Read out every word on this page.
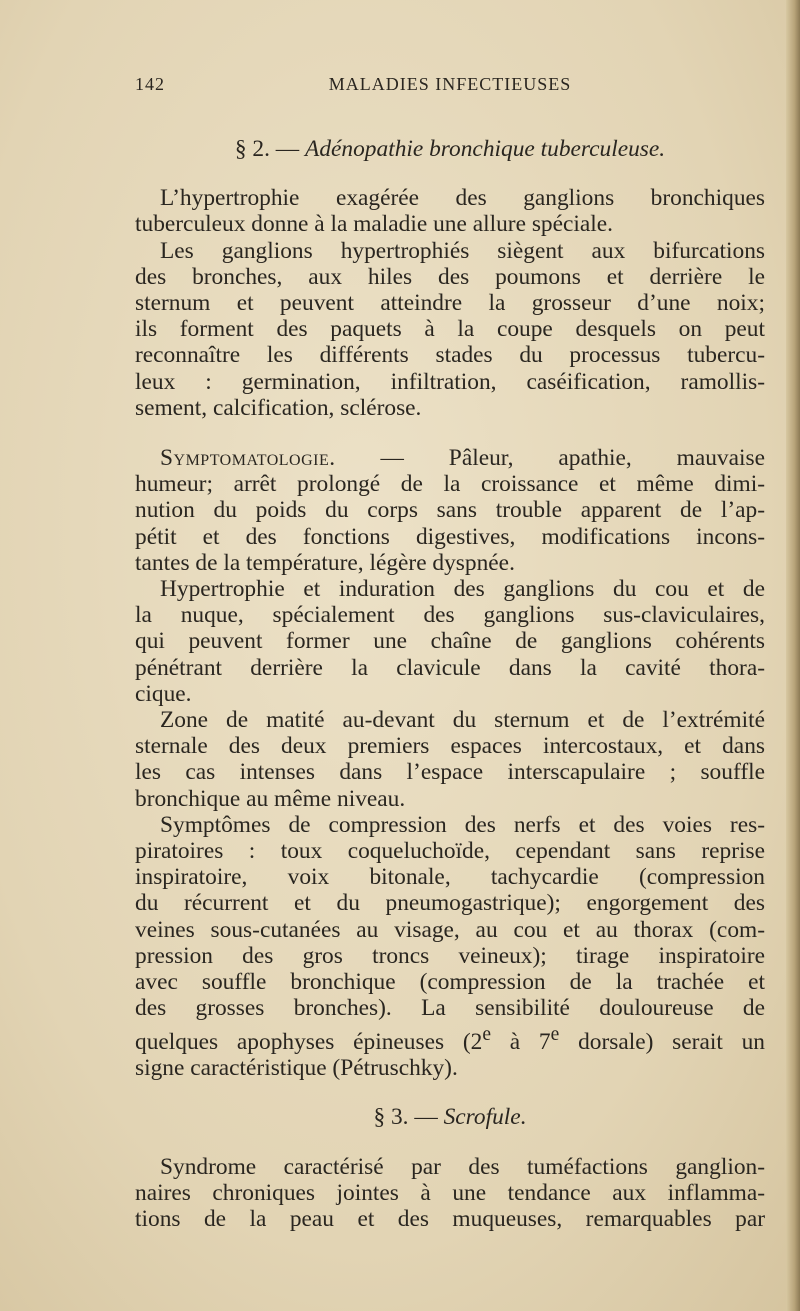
142	MALADIES INFECTIEUSES

§ 2. — Adénopathie bronchique tuberculeuse.

L’hypertrophie exagérée des ganglions bronchiques
tuberculeux donne à la maladie une allure spéciale.
Les ganglions hypertrophiés siègent aux bifurcations
des bronches, aux hiles des poumons et derrière le
sternum et peuvent atteindre la grosseur d’une noix;
ils forment des paquets à la coupe desquels on peut
reconnaître les différents stades du processus tubercu-
leux : germination, infiltration, caséification, ramollis-
sement, calcification, sclérose.
Symptomatologie. — Pâleur, apathie, mauvaise
humeur; arrêt prolongé de la croissance et même dimi-
nution du poids du corps sans trouble apparent de l’ap-
pétit et des fonctions digestives, modifications incons-
tantes de la température, légère dyspnée.
Hypertrophie et induration des ganglions du cou et de
la nuque, spécialement des ganglions sus-claviculaires,
qui peuvent former une chaîne de ganglions cohérents
pénétrant derrière la clavicule dans la cavité thora-
cique.
Zone de matité au-devant du sternum et de l’extrémité
sternale des deux premiers espaces intercostaux, et dans
les cas intenses dans l’espace interscapulaire ; souffle
bronchique au même niveau.
Symptômes de compression des nerfs et des voies res-
piratoires : toux coqueluchoïde, cependant sans reprise
inspiratoire, voix bitonale, tachycardie (compression
du récurrent et du pneumogastrique); engorgement des
veines sous-cutanées au visage, au cou et au thorax (com-
pression des gros troncs veineux); tirage inspiratoire
avec souffle bronchique (compression de la trachée et
des grosses bronches). La sensibilité douloureuse de
quelques apophyses épineuses (2e à 7e dorsale) serait un
signe caractéristique (Pétruschky).

§ 3. — Scrofule.

Syndrome caractérisé par des tuméfactions ganglion-
naires chroniques jointes à une tendance aux inflamma-
tions de la peau et des muqueuses, remarquables par
